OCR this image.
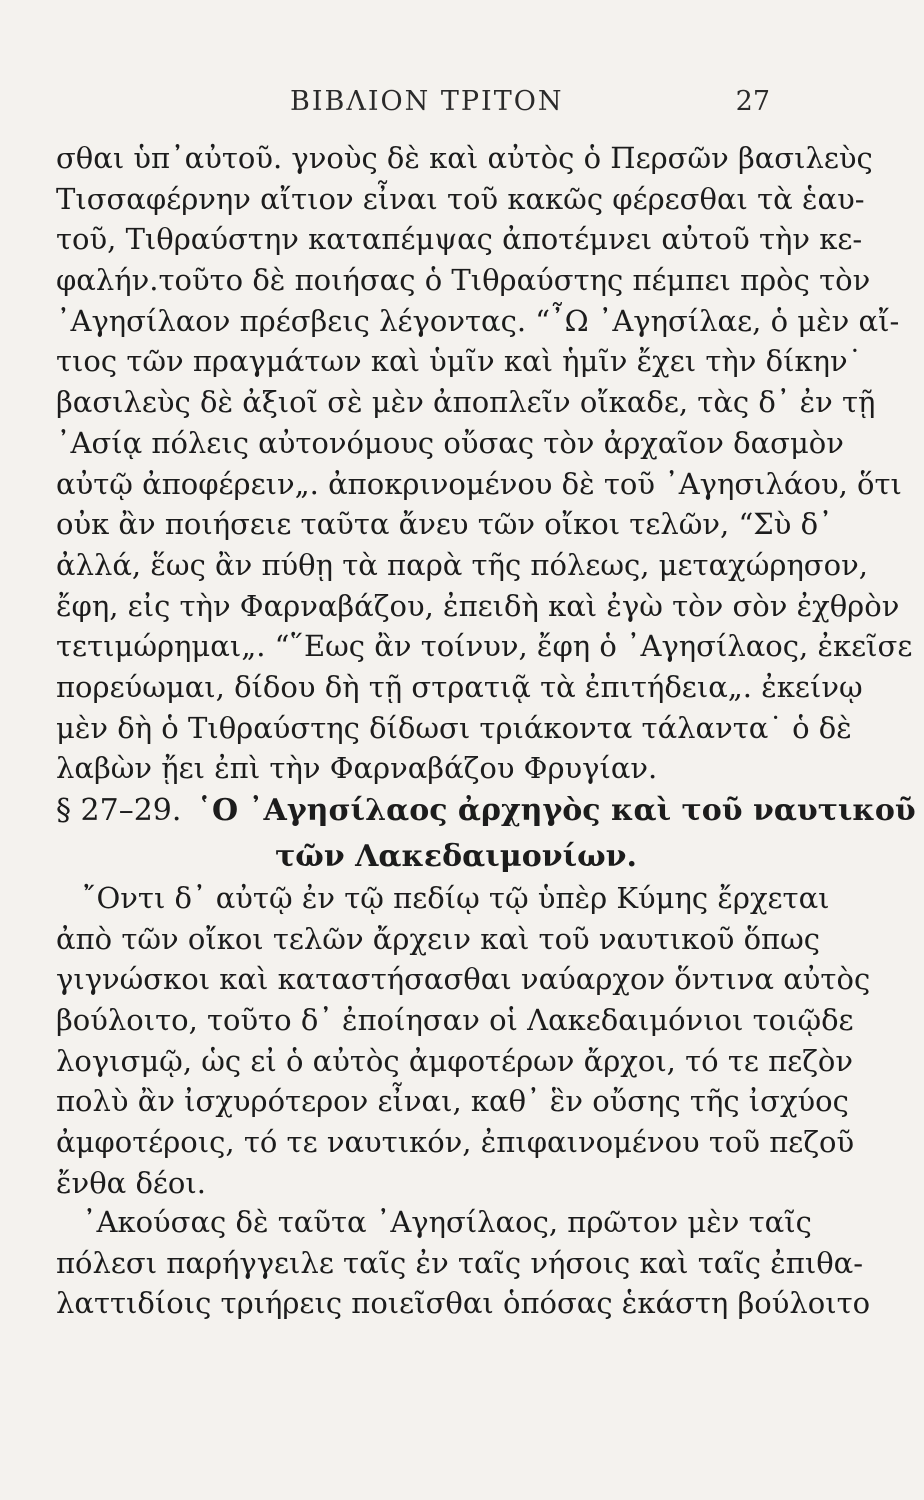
ΒΙΒΛΙΟΝ ΤΡΙΤΟΝ	27
σθαι ὑπ᾽αὐτοῦ. γνοὺς δὲ καὶ αὐτὸς ὁ Περσῶν βασιλεὺς
Τισσαφέρνην αἴτιον εἶναι τοῦ κακῶς φέρεσθαι τὰ ἑαυ-
τοῦ, Τιθραύστην καταπέμψας ἀποτέμνει αὐτοῦ τὴν κε-
φαλήν.τοῦτο δὲ ποιήσας ὁ Τιθραύστης πέμπει πρὸς τὸν
᾽Αγησίλαον πρέσβεις λέγοντας. “῏Ω ᾽Αγησίλαε, ὁ μὲν αἴ-
τιος τῶν πραγμάτων καὶ ὑμῖν καὶ ἡμῖν ἔχει τὴν δίκην˙
βασιλεὺς δὲ ἀξιοῖ σὲ μὲν ἀποπλεῖν οἴκαδε, τὰς δ᾽ ἐν τῇ
᾽Ασίᾳ πόλεις αὐτονόμους οὔσας τὸν ἀρχαῖον δασμὸν
αὐτῷ ἀποφέρειν„. ἀποκρινομένου δὲ τοῦ ᾽Αγησιλάου, ὅτι
οὐκ ἂν ποιήσειε ταῦτα ἄνευ τῶν οἴκοι τελῶν, “Σὺ δ᾽
ἀλλά, ἕως ἂν πύθῃ τὰ παρὰ τῆς πόλεως, μεταχώρησον,
ἔφη, εἰς τὴν Φαρναβάζου, ἐπειδὴ καὶ ἐγὼ τὸν σὸν ἐχθρὸν
τετιμώρημαι„. “῞Εως ἂν τοίνυν, ἔφη ὁ ᾽Αγησίλαος, ἐκεῖσε
πορεύωμαι, δίδου δὴ τῇ στρατιᾷ τὰ ἐπιτήδεια„. ἐκείνῳ
μὲν δὴ ὁ Τιθραύστης δίδωσι τριάκοντα τάλαντα˙ ὁ δὲ
λαβὼν ᾔει ἐπὶ τὴν Φαρναβάζου Φρυγίαν.
§ 27–29. ῾Ο ᾽Αγησίλαος ἀρχηγὸς καὶ τοῦ ναυτικοῦ
τῶν Λακεδαιμονίων.
῎Οντι δ᾽ αὐτῷ ἐν τῷ πεδίῳ τῷ ὑπὲρ Κύμης ἔρχεται
ἀπὸ τῶν οἴκοι τελῶν ἄρχειν καὶ τοῦ ναυτικοῦ ὅπως
γιγνώσκοι καὶ καταστήσασθαι ναύαρχον ὅντινα αὐτὸς
βούλοιτο, τοῦτο δ᾽ ἐποίησαν οἱ Λακεδαιμόνιοι τοιῷδε
λογισμῷ, ὡς εἰ ὁ αὐτὸς ἀμφοτέρων ἄρχοι, τό τε πεζὸν
πολὺ ἂν ἰσχυρότερον εἶναι, καθ᾽ ἓν οὔσης τῆς ἰσχύος
ἀμφοτέροις, τό τε ναυτικόν, ἐπιφαινομένου τοῦ πεζοῦ
ἔνθα δέοι.
᾽Ακούσας δὲ ταῦτα ᾽Αγησίλαος, πρῶτον μὲν ταῖς
πόλεσι παρήγγειλε ταῖς ἐν ταῖς νήσοις καὶ ταῖς ἐπιθα-
λαττιδίοις τριήρεις ποιεῖσθαι ὁπόσας ἑκάστη βούλοιτο
